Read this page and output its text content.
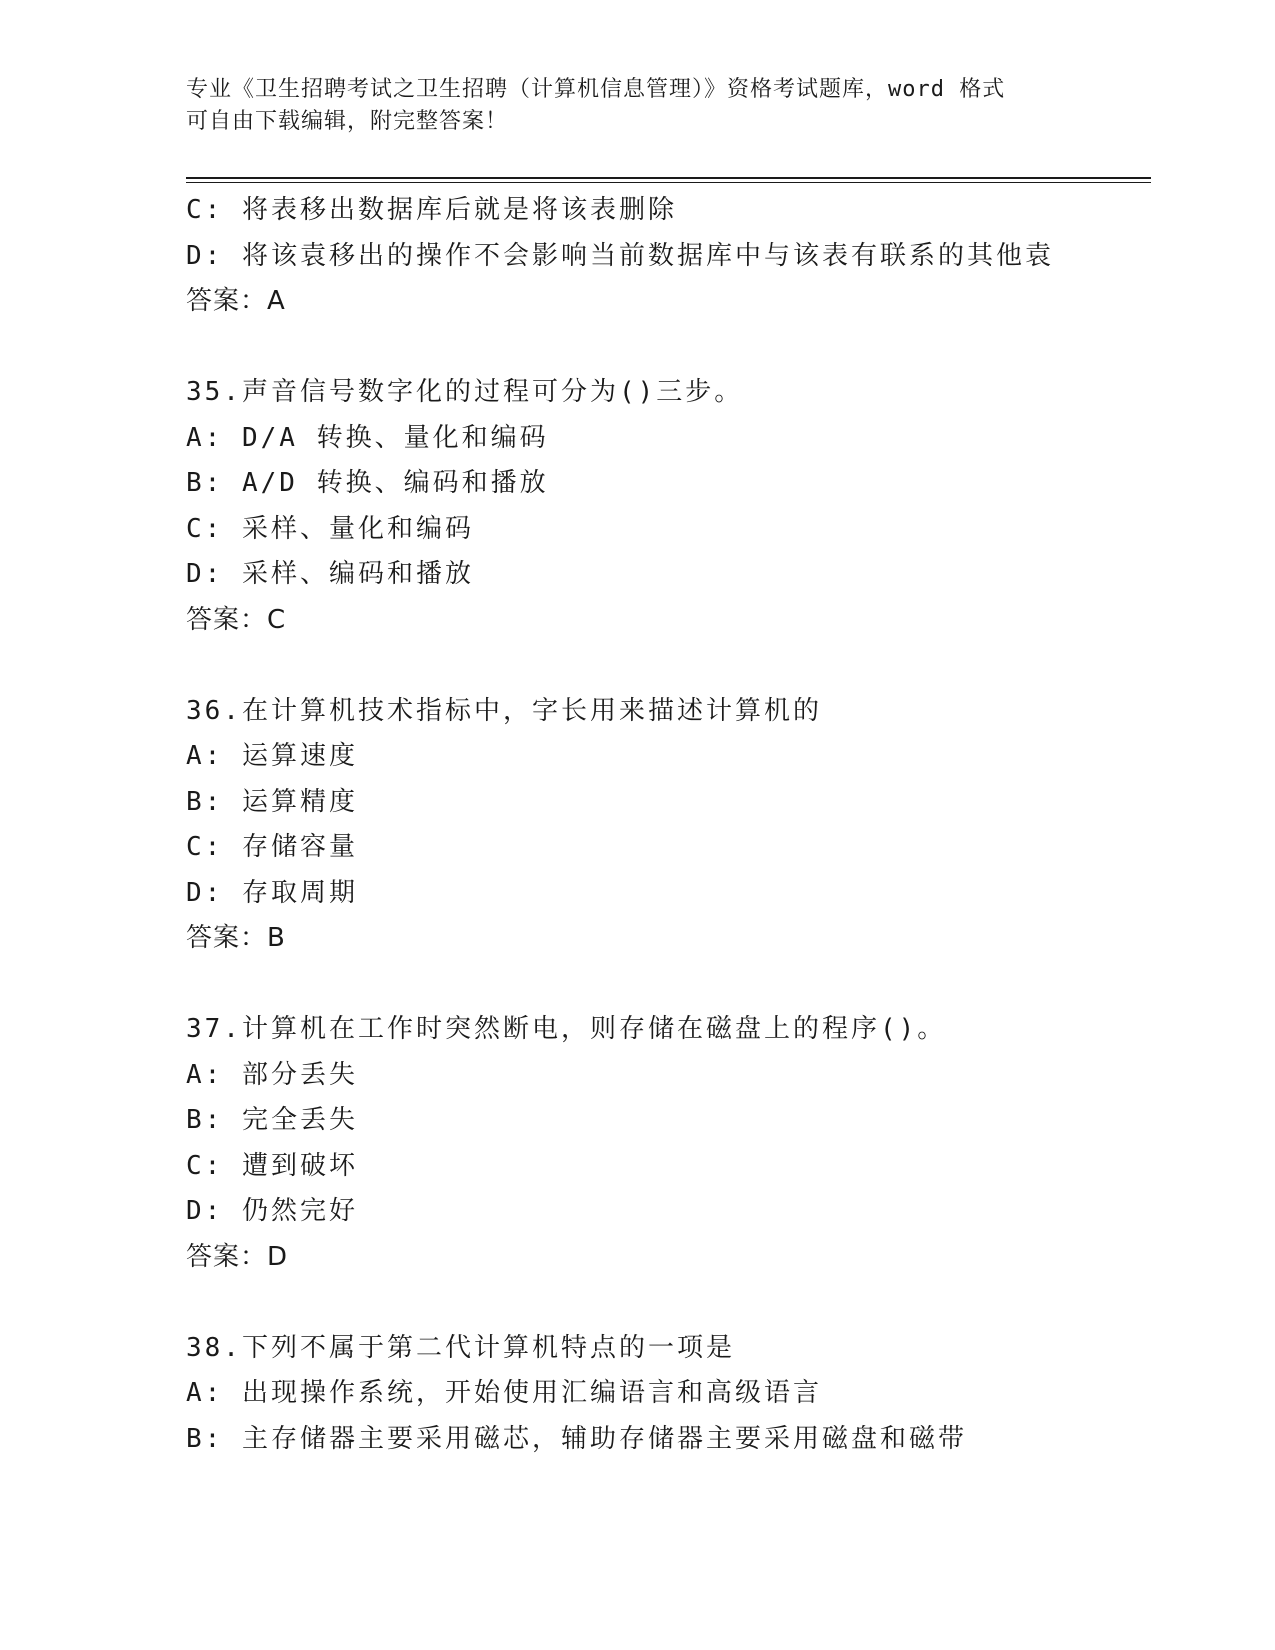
专业《卫生招聘考试之卫生招聘（计算机信息管理）》资格考试题库，word 格式
可自由下载编辑，附完整答案！
C: 将表移出数据库后就是将该表删除
D: 将该袁移出的操作不会影响当前数据库中与该表有联系的其他袁
答案：A
35.声音信号数字化的过程可分为()三步。
A: D/A 转换、量化和编码
B: A/D 转换、编码和播放
C: 采样、量化和编码
D: 采样、编码和播放
答案：C
36.在计算机技术指标中，字长用来描述计算机的
A: 运算速度
B: 运算精度
C: 存储容量
D: 存取周期
答案：B
37.计算机在工作时突然断电，则存储在磁盘上的程序()。
A: 部分丢失
B: 完全丢失
C: 遭到破坏
D: 仍然完好
答案：D
38.下列不属于第二代计算机特点的一项是
A: 出现操作系统，开始使用汇编语言和高级语言
B: 主存储器主要采用磁芯，辅助存储器主要采用磁盘和磁带
